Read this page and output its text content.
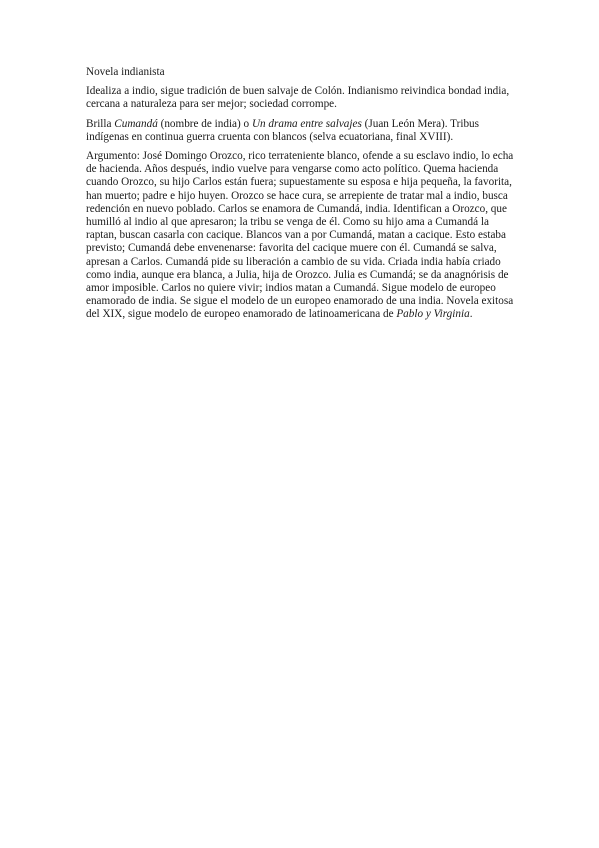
Novela indianista

Idealiza a indio, sigue tradición de buen salvaje de Colón. Indianismo reivindica bondad india, cercana a naturaleza para ser mejor; sociedad corrompe.

Brilla Cumandá (nombre de india) o Un drama entre salvajes (Juan León Mera). Tribus indígenas en continua guerra cruenta con blancos (selva ecuatoriana, final XVIII).

Argumento: José Domingo Orozco, rico terrateniente blanco, ofende a su esclavo indio, lo echa de hacienda. Años después, indio vuelve para vengarse como acto político. Quema hacienda cuando Orozco, su hijo Carlos están fuera; supuestamente su esposa e hija pequeña, la favorita, han muerto; padre e hijo huyen. Orozco se hace cura, se arrepiente de tratar mal a indio, busca redención en nuevo poblado. Carlos se enamora de Cumandá, india. Identifican a Orozco, que humilló al indio al que apresaron; la tribu se venga de él. Como su hijo ama a Cumandá la raptan, buscan casarla con cacique. Blancos van a por Cumandá, matan a cacique. Esto estaba previsto; Cumandá debe envenenarse: favorita del cacique muere con él. Cumandá se salva, apresan a Carlos. Cumandá pide su liberación a cambio de su vida. Criada india había criado como india, aunque era blanca, a Julia, hija de Orozco. Julia es Cumandá; se da anagnórisis de amor imposible. Carlos no quiere vivir; indios matan a Cumandá. Sigue modelo de europeo enamorado de india. Se sigue el modelo de un europeo enamorado de una india. Novela exitosa del XIX, sigue modelo de europeo enamorado de latinoamericana de Pablo y Virginia.
